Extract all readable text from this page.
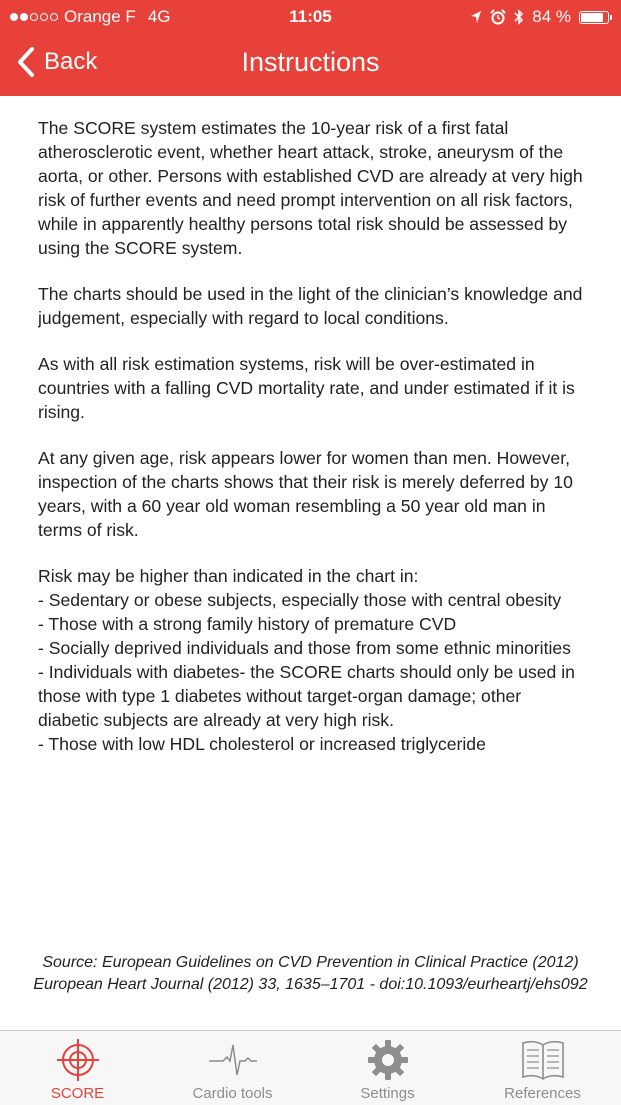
Orange F 4G	11:05	84 %
Back	Instructions

The SCORE system estimates the 10-year risk of a first fatal atherosclerotic event, whether heart attack, stroke, aneurysm of the aorta, or other. Persons with established CVD are already at very high risk of further events and need prompt intervention on all risk factors, while in apparently healthy persons total risk should be assessed by using the SCORE system.

The charts should be used in the light of the clinician’s knowledge and judgement, especially with regard to local conditions.

As with all risk estimation systems, risk will be over-estimated in countries with a falling CVD mortality rate, and under estimated if it is rising.

At any given age, risk appears lower for women than men. However, inspection of the charts shows that their risk is merely deferred by 10 years, with a 60 year old woman resembling a 50 year old man in terms of risk.

Risk may be higher than indicated in the chart in:
- Sedentary or obese subjects, especially those with central obesity
- Those with a strong family history of premature CVD
- Socially deprived individuals and those from some ethnic minorities
- Individuals with diabetes- the SCORE charts should only be used in those with type 1 diabetes without target-organ damage; other diabetic subjects are already at very high risk.
- Those with low HDL cholesterol or increased triglyceride
Source: European Guidelines on CVD Prevention in Clinical Practice (2012) European Heart Journal (2012) 33, 1635–1701 - doi:10.1093/eurheartj/ehs092
SCORE	Cardio tools	Settings	References
